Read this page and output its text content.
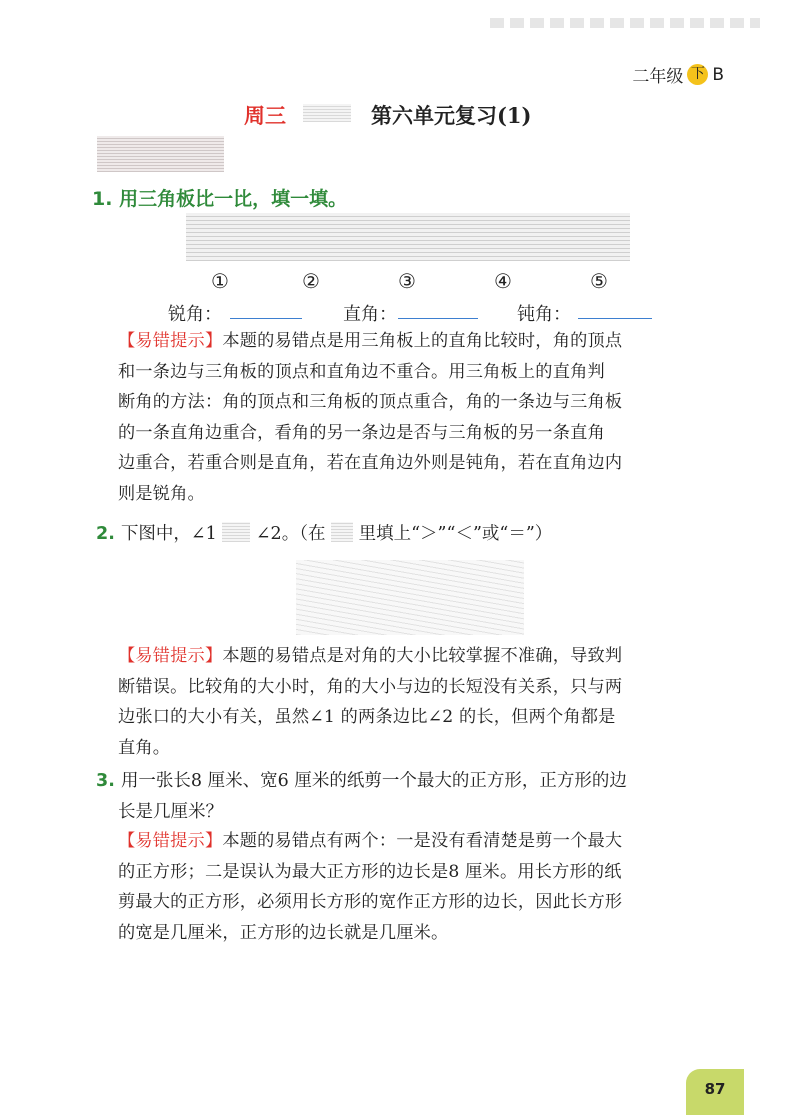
二年级 下 B
周三	第六单元复习(1)
1. 用三角板比一比，填一填。
①	②	③	④	⑤
锐角：	直角：	钝角：
【易错提示】本题的易错点是用三角板上的直角比较时，角的顶点
和一条边与三角板的顶点和直角边不重合。用三角板上的直角判
断角的方法：角的顶点和三角板的顶点重合，角的一条边与三角板
的一条直角边重合，看角的另一条边是否与三角板的另一条直角
边重合，若重合则是直角，若在直角边外则是钝角，若在直角边内
则是锐角。
2. 下图中，∠1 ∠2。（在 里填上“＞”“＜”或“＝”）
【易错提示】本题的易错点是对角的大小比较掌握不准确，导致判
断错误。比较角的大小时，角的大小与边的长短没有关系，只与两
边张口的大小有关，虽然∠1 的两条边比∠2 的长，但两个角都是
直角。
3. 用一张长8 厘米、宽6 厘米的纸剪一个最大的正方形，正方形的边
长是几厘米？
【易错提示】本题的易错点有两个：一是没有看清楚是剪一个最大
的正方形；二是误认为最大正方形的边长是8 厘米。用长方形的纸
剪最大的正方形，必须用长方形的宽作正方形的边长，因此长方形
的宽是几厘米，正方形的边长就是几厘米。
87
